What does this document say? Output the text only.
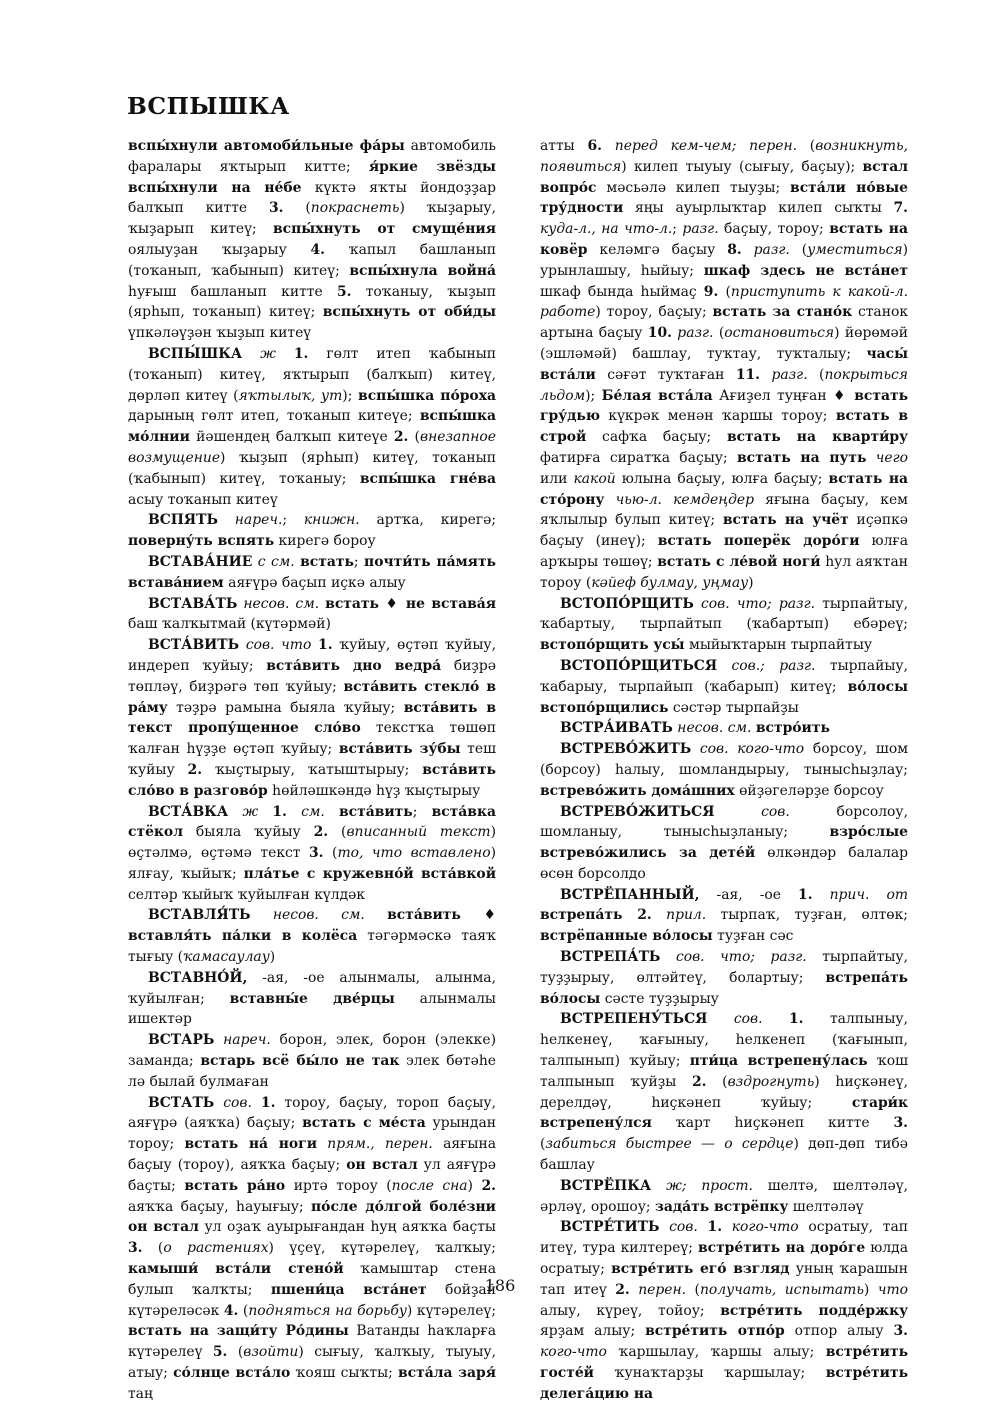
ВСПЫШКА

вспы́хнули автомоби́льные фа́ры автомобиль фаралары яҡтырып китте; я́ркие звёзды вспы́хнули на не́бе күктә яҡты йондоҙҙар балҡып китте 3. (покраснеть) ҡыҙарыу, ҡыҙарып китеү; вспы́хнуть от смуще́ния оялыуҙан ҡыҙарыу 4. ҡапыл башланып (тоҡанып, ҡабынып) китеү; вспы́хнула война́ һуғыш башланып китте 5. тоҡаныу, ҡыҙып (ярһып, тоҡанып) китеү; вспы́хнуть от оби́ды үпкәләүҙән ҡыҙып китеү

ВСПЫ́ШКА ж 1. гөлт итеп ҡабынып (тоҡанып) китеү, яҡтырып (балҡып) китеү, дөрләп китеү (яҡтылыҡ, ут); вспы́шка по́роха дарының гөлт итеп, тоҡанып китеүе; вспы́шка мо́лнии йәшендең балҡып китеүе 2. (внезапное возмущение) ҡыҙып (ярһып) китеү, тоҡанып (ҡабынып) китеү, тоҡаныу; вспы́шка гне́ва асыу тоҡанып китеү

ВСПЯТЬ нареч.; книжн. артҡа, кирегә; поверну́ть вспять кирегә бороу

ВСТАВА́НИЕ с см. встать; почти́ть па́мять встава́нием аяғүрә баҫып иҫкә алыу

ВСТАВА́ТЬ несов. см. встать ♦ не встава́я баш ҡалҡытмай (күтәрмәй)

ВСТА́ВИТЬ сов. что 1. ҡуйыу, өҫтәп ҡуйыу, индереп ҡуйыу; вста́вить дно ведра́ биҙрә төпләү, биҙрәгә төп ҡуйыу; вста́вить стекло́ в ра́му тәҙрә рамына быяла ҡуйыу; вста́вить в текст пропу́щенное сло́во текстҡа төшөп ҡалған һүҙҙе өҫтәп ҡуйыу; вста́вить зу́бы теш ҡуйыу 2. ҡыҫтырыу, ҡатыштырыу; вста́вить сло́во в разгово́р һөйләшкәндә һүҙ ҡыҫтырыу

ВСТА́ВКА ж 1. см. вста́вить; вста́вка стёкол быяла ҡуйыу 2. (вписанный текст) өҫтәлмә, өҫтәмә текст 3. (то, что вставлено) ялғау, ҡыйыҡ; пла́тье с кружевно́й вста́вкой селтәр ҡыйыҡ ҡуйылған күлдәк

ВСТАВЛЯ́ТЬ несов. см. вста́вить ♦ вставля́ть па́лки в колёса тәгәрмәскә таяҡ тығыу (ҡамасаулау)

ВСТАВНО́Й, -ая, -ое алынмалы, алынма, ҡуйылған; вставны́е две́рцы алынмалы ишектәр

ВСТАРЬ нареч. борон, элек, борон (элекке) заманда; встарь всё бы́ло не так элек бөтәһе лә былай булмаған

ВСТАТЬ сов. 1. тороу, баҫыу, тороп баҫыу, аяғүрә (аяҡҡа) баҫыу; встать с ме́ста урындан тороу; встать на́ ноги прям., перен. аяғына баҫыу (тороу), аяҡҡа баҫыу; он встал ул аяғүрә баҫты; встать ра́но иртә тороу (после сна) 2. аяҡҡа баҫыу, һауығыу; по́сле до́лгой боле́зни он встал ул оҙаҡ ауырығандан һуң аяҡҡа баҫты 3. (о растениях) үҫеү, күтәрелеү, ҡалҡыу; камыши́ вста́ли стено́й ҡамыштар стена булып ҡалҡты; пшени́ца вста́нет бойҙай күтәреләсәк 4. (подняться на борьбу) күтәрелеү; встать на защи́ту Ро́дины Ватанды һаҡларға күтәрелеү 5. (взойти) сығыу, ҡалҡыу, тыуыу, атыу; со́лнце вста́ло ҡояш сыҡты; вста́ла заря́ таң

атты 6. перед кем-чем; перен. (возникнуть, появиться) килеп тыуыу (сығыу, баҫыу); встал вопро́с мәсьәлә килеп тыуҙы; вста́ли но́вые тру́дности яңы ауырлыҡтар килеп сыҡты 7. куда-л., на что-л.; разг. баҫыу, тороу; встать на ковёр келәмгә баҫыу 8. разг. (уместиться) урынлашыу, һыйыу; шкаф здесь не вста́нет шкаф бында һыймаҫ 9. (приступить к какой-л. работе) тороу, баҫыу; встать за стано́к станок артына баҫыу 10. разг. (остановиться) йөрөмәй (эшләмәй) башлау, туҡтау, туҡталыу; часы́ вста́ли сәғәт туҡтаған 11. разг. (покрыться льдом); Бе́лая вста́ла Ағиҙел туңған ♦ встать гру́дью күкрәк менән ҡаршы тороу; встать в строй сафҡа баҫыу; встать на кварти́ру фатирға сиратҡа баҫыу; встать на путь чего или какой юлына баҫыу, юлға баҫыу; встать на сто́рону чью-л. кемдеңдер яғына баҫыу, кем яҡлылыр булып китеү; встать на учёт иҫәпкә баҫыу (инеү); встать поперёк доро́ги юлға арҡыры төшөү; встать с ле́вой ноги́ һул аяҡтан тороу (кәйеф булмау, уңмау)

ВСТОПО́РЩИТЬ сов. что; разг. тырпайтыу, ҡабартыу, тырпайтып (ҡабартып) ебәреү; встопо́рщить усы́ мыйыҡтарын тырпайтыу

ВСТОПО́РЩИТЬСЯ сов.; разг. тырпайыу, ҡабарыу, тырпайып (ҡабарып) китеү; во́лосы встопо́рщились сәстәр тырпайҙы

ВСТРА́ИВАТЬ несов. см. встро́ить

ВСТРЕВО́ЖИТЬ сов. кого-что борсоу, шом (борсоу) һалыу, шомландырыу, тынысһыҙлау; встрево́жить дома́шних өйҙәгеләрҙе борсоу

ВСТРЕВО́ЖИТЬСЯ	сов. борсолоу, шомланыу, тынысһыҙланыу; взро́слые встрево́жились за дете́й өлкәндәр балалар өсөн борсолдо

ВСТРЁПАННЫЙ, -ая, -ое 1. прич. от встрепа́ть 2. прил. тырпаҡ, туҙған, өлтөк; встрёпанные во́лосы туҙған сәс

ВСТРЕПА́ТЬ сов. что; разг. тырпайтыу, туҙҙырыу, өлтәйтеү, болартыу; встрепа́ть во́лосы сәсте туҙҙырыу

ВСТРЕПЕНУ́ТЬСЯ сов. 1. талпыныу, һелкенеү, ҡағыныу, һелкенеп (ҡағынып, талпынып) ҡуйыу; пти́ца встрепену́лась ҡош талпынып ҡуйҙы 2. (вздрогнуть) һиҫкәнеү, дерелдәү, һиҫкәнеп ҡуйыу; стари́к встрепену́лся ҡарт һиҫкәнеп китте 3. (забиться быстрее — о сердце) дөп-дөп тибә башлау

ВСТРЁПКА ж; прост. шелтә, шелтәләү, әрләү, орошоу; зада́ть встрёпку шелтәләү

ВСТРЕ́ТИТЬ сов. 1. кого-что осратыу, тап итеү, тура килтереү; встре́тить на доро́ге юлда осратыу; встре́тить его́ взгляд уның ҡарашын тап итеү 2. перен. (получать, испытать) что алыу, күреү, тойоу; встре́тить подде́ржку ярҙам алыу; встре́тить отпо́р отпор алыу 3. кого-что ҡаршылау, ҡаршы алыу; встре́тить госте́й ҡунаҡтарҙы ҡаршылау; встре́тить делега́цию на

186
